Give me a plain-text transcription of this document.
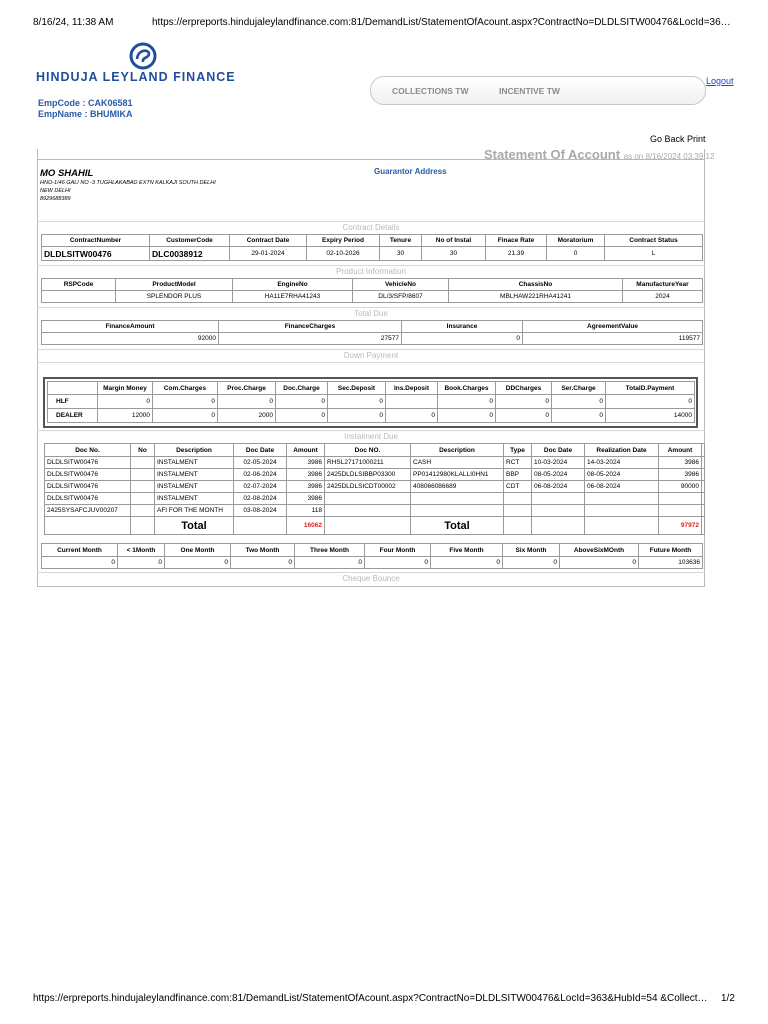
8/16/24, 11:38 AM	https://erpreports.hindujaleylandfinance.com:81/DemandList/StatementOfAcount.aspx?ContractNo=DLDLSITW00476&LocId=36…
HINDUJA LEYLAND FINANCE
EmpCode : CAK06581
EmpName : BHUMIKA
COLLECTIONS TW	INCENTIVE TW
Logout
Go Back Print
Statement Of Account as on 8/16/2024 03:39:12
MO SHAHIL
HNO-1/46 GALI NO -3 TUGHLAKABAD EXTN KALKAJI SOUTH DELHI
NEW DELHI
8929688389
Guarantor Address
Contract Details
ContractNumber	CustomerCode	Contract Date	Expiry Period	Tenure	No of Instal	Finace Rate	Moratorium	Contract Status
DLDLSITW00476	DLC0038912	29-01-2024	02-10-2026	30	30	21.39	0	L
Product Information
RSPCode	ProductModel	EngineNo	VehicleNo	ChassisNo	ManufactureYear
	SPLENDOR PLUS	HA11E7RHA41243	DL/3/SFP/8607	MBLHAW221RHA41241	2024
Total Due
FinanceAmount	FinanceCharges	Insurance	AgreementValue
92000	27577	0	119577
Down Payment
	Margin Money	Com.Charges	Proc.Charge	Doc.Charge	Sec.Deposit	Ins.Deposit	Book.Charges	DDCharges	Ser.Charge	TotalD.Payment
HLF	0	0	0	0	0		0	0	0	0
DEALER	12000	0	2000	0	0	0	0	0	0	14000
Instalment Due
Doc No.	No	Description	Doc Date	Amount	Doc NO.	Description	Type	Doc Date	Realization Date	Amount	
DLDLSITW00476		INSTALMENT	02-05-2024	3986	RHSL27171000211	CASH	RCT	10-03-2024	14-03-2024	3986	
DLDLSITW00476		INSTALMENT	02-06-2024	3986	2425DLDLSIBBP03300	PP01412980KLALLI0HN1	BBP	08-05-2024	08-05-2024	3986	
DLDLSITW00476		INSTALMENT	02-07-2024	3986	2425DLDLSICDT00002	408066086689	CDT	06-08-2024	06-08-2024	90000	
DLDLSITW00476		INSTALMENT	02-08-2024	3986							
2425SYSAFCJUV00207		AFI FOR THE MONTH	03-08-2024	118							
		Total		16062		Total				97972	
Current Month	< 1Month	One Month	Two Month	Three Month	Four Month	Five Month	Six Month	AboveSixMOnth	Future Month
0	0	0	0	0	0	0	0	0	103636
Cheque Bounce
https://erpreports.hindujaleylandfinance.com:81/DemandList/StatementOfAcount.aspx?ContractNo=DLDLSITW00476&LocId=363&HubId=54 &Collect… 1/2
